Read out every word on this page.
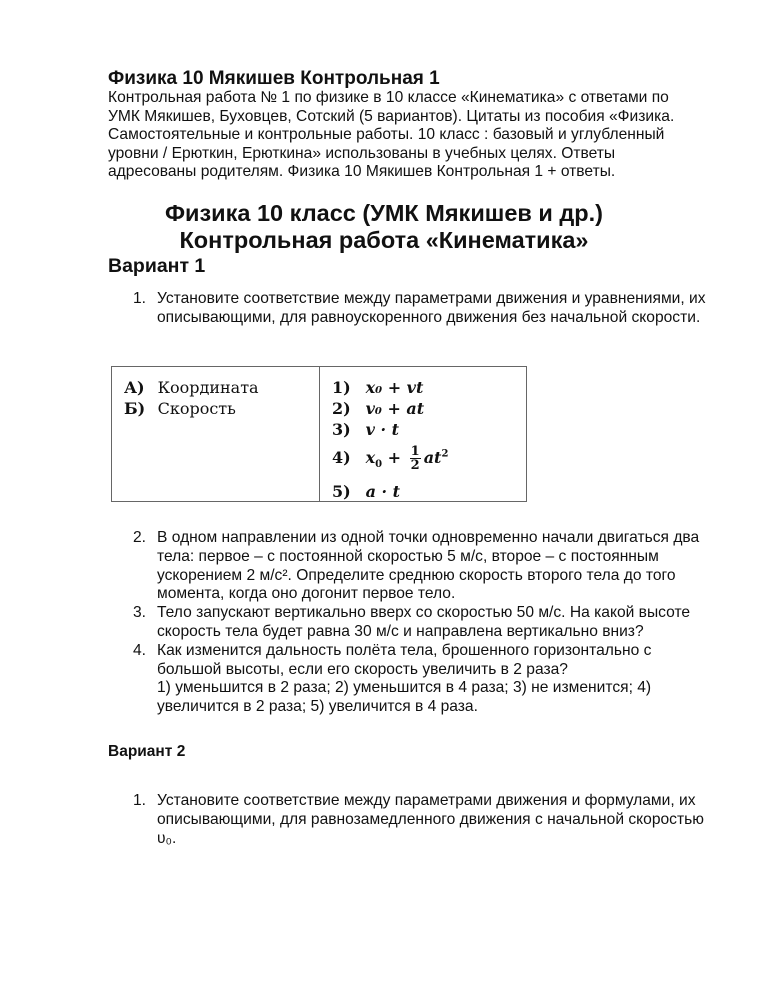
Физика 10 Мякишев Контрольная 1

Контрольная работа № 1 по физике в 10 классе «Кинематика» с ответами по УМК Мякишев, Буховцев, Сотский (5 вариантов). Цитаты из пособия «Физика. Самостоятельные и контрольные работы. 10 класс : базовый и углубленный уровни / Ерюткин, Ерюткина» использованы в учебных целях. Ответы адресованы родителям. Физика 10 Мякишев Контрольная 1 + ответы.

Физика 10 класс (УМК Мякишев и др.)
Контрольная работа «Кинематика»
Вариант 1
1. Установите соответствие между параметрами движения и уравнениями, их описывающими, для равноускоренного движения без начальной скорости.
А) Координата
Б) Скорость
1) x₀ + vt
2) v₀ + at
3) v · t
4) $x_0 + \frac{1}{2} at^2$
5) a · t
2. В одном направлении из одной точки одновременно начали двигаться два тела: первое – с постоянной скоростью 5 м/с, второе – с постоянным ускорением 2 м/с². Определите среднюю скорость второго тела до того момента, когда оно догонит первое тело.
3. Тело запускают вертикально вверх со скоростью 50 м/с. На какой высоте скорость тела будет равна 30 м/с и направлена вертикально вниз?
4. Как изменится дальность полёта тела, брошенного горизонтально с большой высоты, если его скорость увеличить в 2 раза?
1) уменьшится в 2 раза; 2) уменьшится в 4 раза; 3) не изменится; 4) увеличится в 2 раза; 5) увеличится в 4 раза.
Вариант 2
1. Установите соответствие между параметрами движения и формулами, их описывающими, для равнозамедленного движения с начальной скоростью υ₀.
